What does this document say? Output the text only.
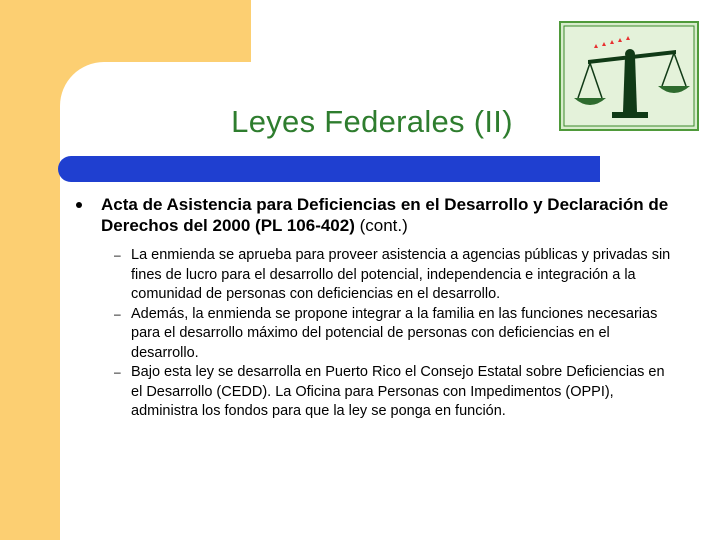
Leyes Federales (II)
Acta de Asistencia para Deficiencias en el Desarrollo y Declaración de Derechos del 2000 (PL 106-402) (cont.)
– La enmienda se aprueba para proveer asistencia a agencias públicas y privadas sin fines de lucro para el desarrollo del potencial, independencia e integración a la comunidad de personas con deficiencias en el desarrollo.
– Además, la enmienda se propone integrar a la familia en las funciones necesarias para el desarrollo máximo del potencial de personas con deficiencias en el desarrollo.
– Bajo esta ley se desarrolla en Puerto Rico el Consejo Estatal sobre Deficiencias en el Desarrollo (CEDD). La Oficina para Personas con Impedimentos (OPPI), administra los fondos para que la ley se ponga en función.
